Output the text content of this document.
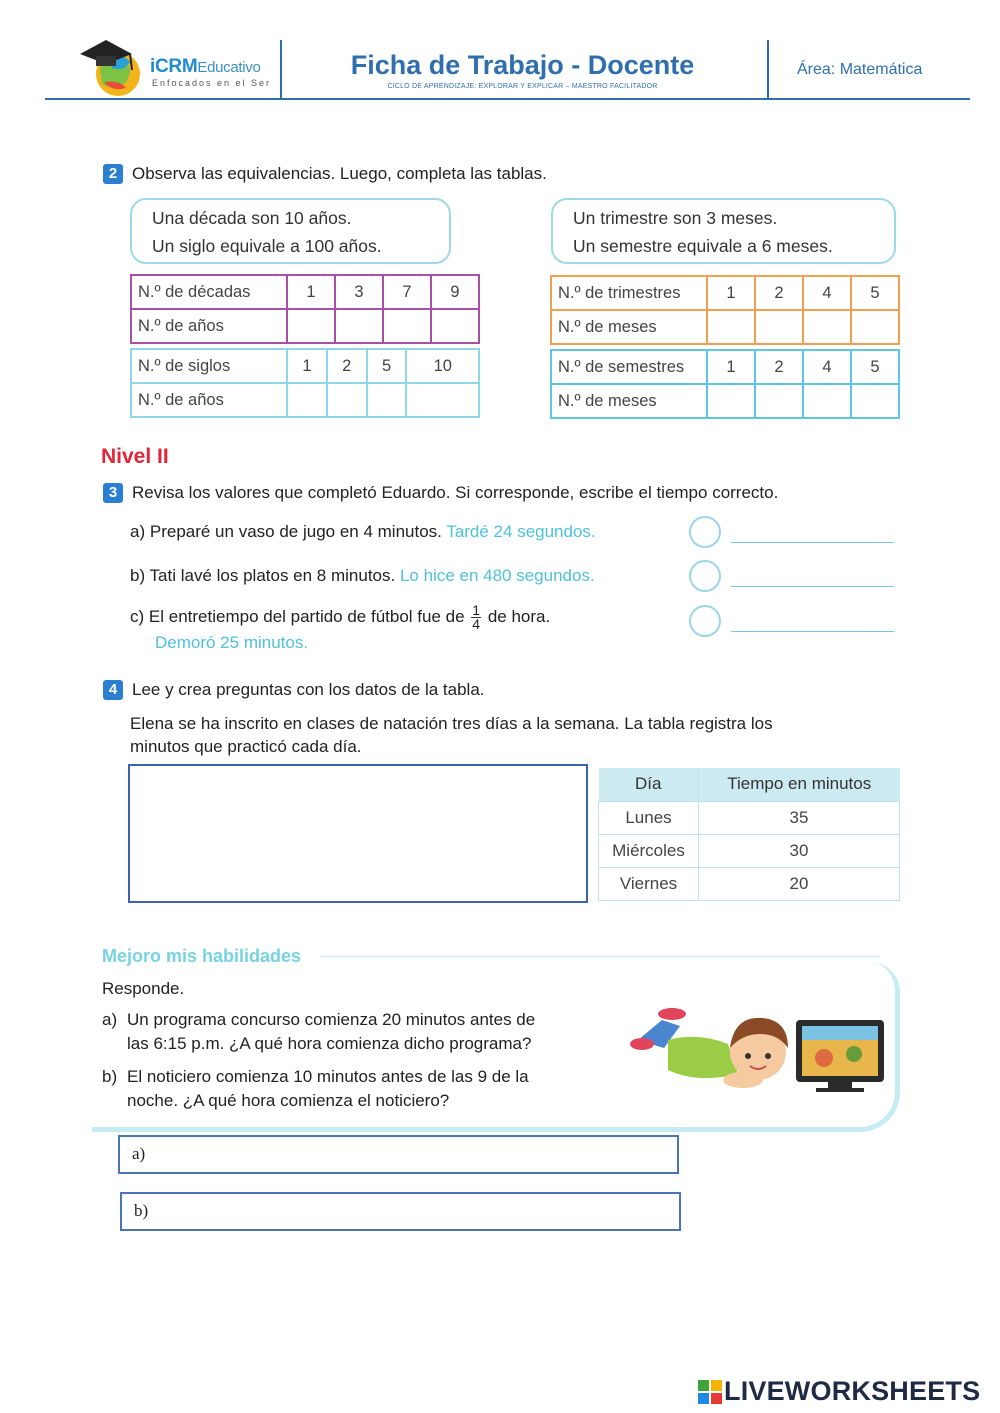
iCRMEducativo
Enfocados en el Ser
Ficha de Trabajo - Docente
CICLO DE APRENDIZAJE: EXPLORAR Y EXPLICAR – MAESTRO FACILITADOR
Área: Matemática
2 Observa las equivalencias. Luego, completa las tablas.
Una década son 10 años.
Un siglo equivale a 100 años.
Un trimestre son 3 meses.
Un semestre equivale a 6 meses.
N.º de décadas	1	3	7	9
N.º de años				
N.º de siglos	1	2	5	10
N.º de años				
N.º de trimestres	1	2	4	5
N.º de meses				
N.º de semestres	1	2	4	5
N.º de meses				
Nivel II
3 Revisa los valores que completó Eduardo. Si corresponde, escribe el tiempo correcto.
a) Preparé un vaso de jugo en 4 minutos. Tardé 24 segundos.
b) Tati lavé los platos en 8 minutos. Lo hice en 480 segundos.
c) El entretiempo del partido de fútbol fue de $\frac{1}{4}$ de hora.
Demoró 25 minutos.
4 Lee y crea preguntas con los datos de la tabla.
Elena se ha inscrito en clases de natación tres días a la semana. La tabla registra los
minutos que practicó cada día.
Día	Tiempo en minutos
Lunes	35
Miércoles	30
Viernes	20
Mejoro mis habilidades
Responde.
a) Un programa concurso comienza 20 minutos antes de
las 6:15 p.m. ¿A qué hora comienza dicho programa?
b) El noticiero comienza 10 minutos antes de las 9 de la
noche. ¿A qué hora comienza el noticiero?
a)
b)
LIVEWORKSHEETS
